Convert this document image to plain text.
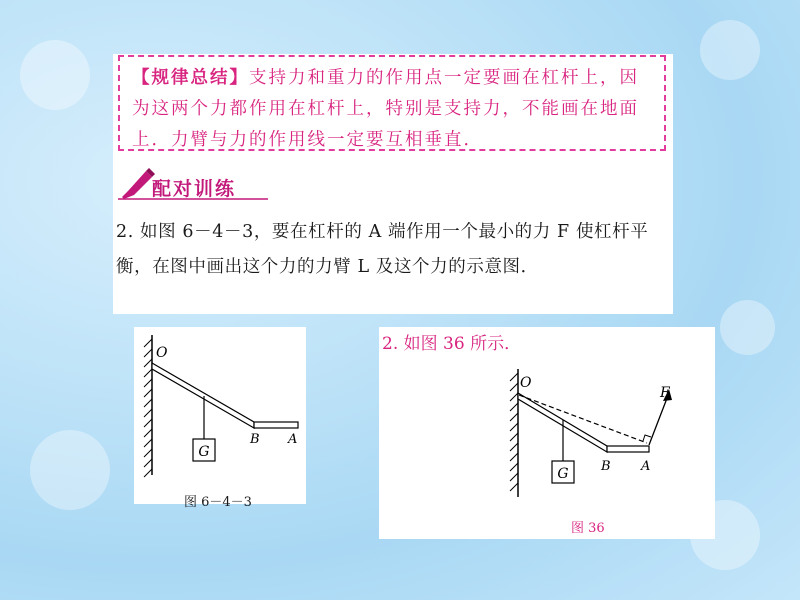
【规律总结】支持力和重力的作用点一定要画在杠杆上，因为这两个力都作用在杠杆上，特别是支持力，不能画在地面上．力臂与力的作用线一定要互相垂直．
配对训练
2. 如图 6－4－3，要在杠杆的 A 端作用一个最小的力 F 使杠杆平衡，在图中画出这个力的力臂 L 及这个力的示意图．
G
O
B A
图 6－4－3
G
O
B A
F
图 36
2. 如图 36 所示．
